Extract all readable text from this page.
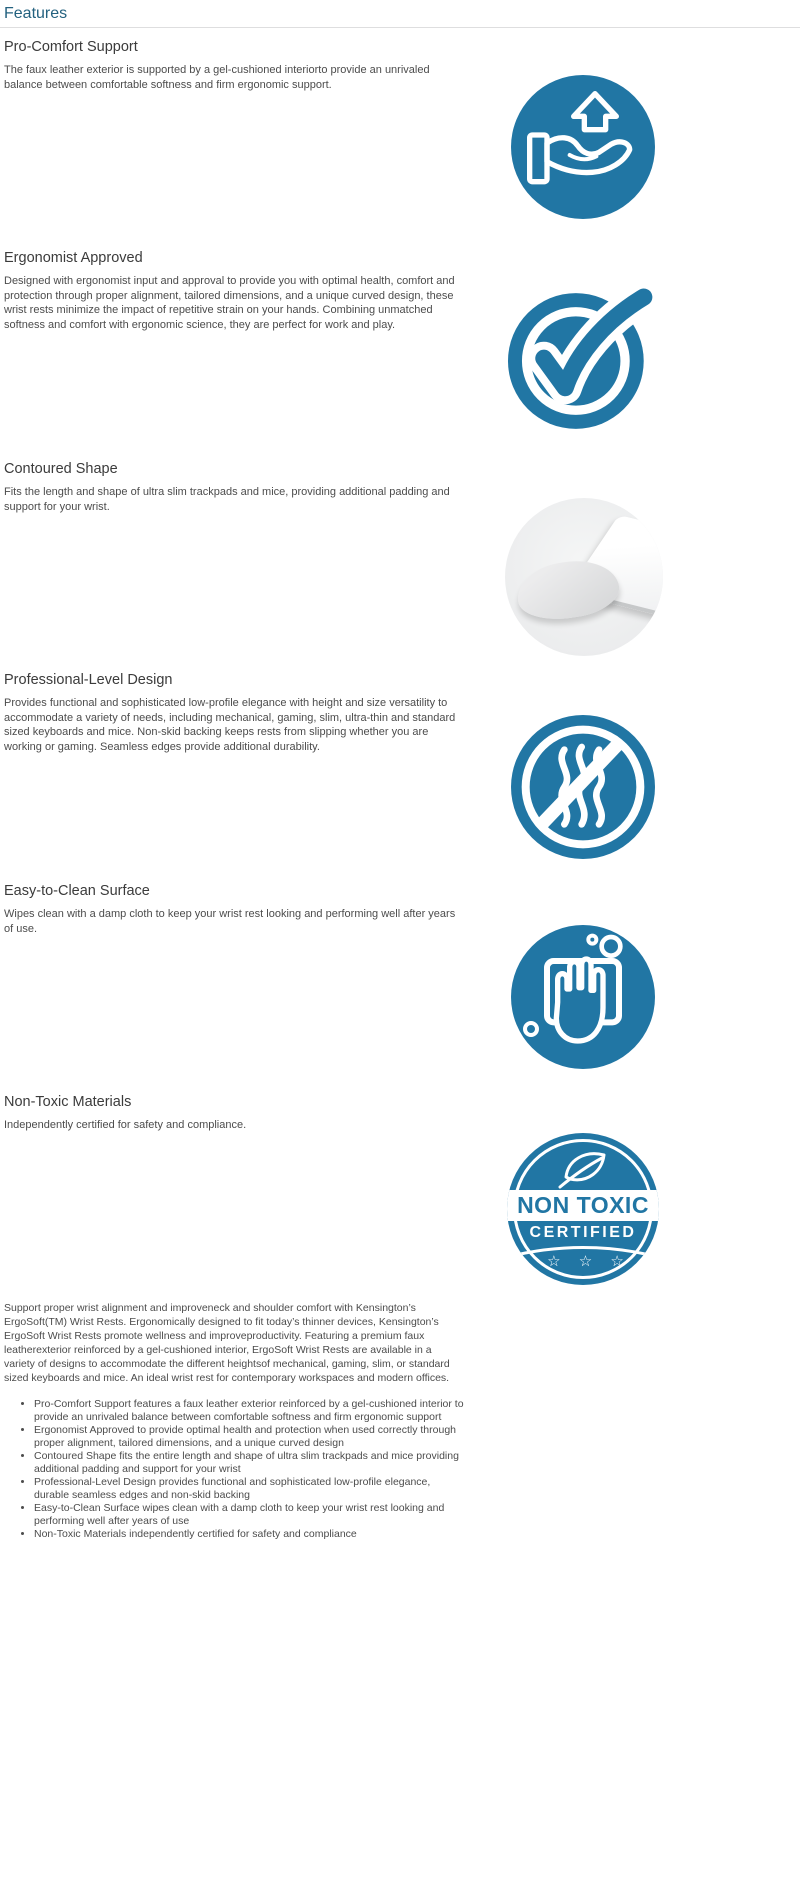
Features
Pro-Comfort Support

The faux leather exterior is supported by a gel-cushioned interiorto provide an unrivaled balance between comfortable softness and firm ergonomic support.

Ergonomist Approved

Designed with ergonomist input and approval to provide you with optimal health, comfort and protection through proper alignment, tailored dimensions, and a unique curved design, these wrist rests minimize the impact of repetitive strain on your hands. Combining unmatched softness and comfort with ergonomic science, they are perfect for work and play.

Contoured Shape

Fits the length and shape of ultra slim trackpads and mice, providing additional padding and support for your wrist.

Professional-Level Design

Provides functional and sophisticated low-profile elegance with height and size versatility to accommodate a variety of needs, including mechanical, gaming, slim, ultra-thin and standard sized keyboards and mice. Non-skid backing keeps rests from slipping whether you are working or gaming. Seamless edges provide additional durability.

Easy-to-Clean Surface

Wipes clean with a damp cloth to keep your wrist rest looking and performing well after years of use.

Non-Toxic Materials

Independently certified for safety and compliance.

NON TOXIC
CERTIFIED
☆ ☆ ☆

Support proper wrist alignment and improveneck and shoulder comfort with Kensington’s ErgoSoft(TM) Wrist Rests. Ergonomically designed to fit today’s thinner devices, Kensington’s ErgoSoft Wrist Rests promote wellness and improveproductivity. Featuring a premium faux leatherexterior reinforced by a gel-cushioned interior, ErgoSoft Wrist Rests are available in a variety of designs to accommodate the different heightsof mechanical, gaming, slim, or standard sized keyboards and mice. An ideal wrist rest for contemporary workspaces and modern offices.

• Pro-Comfort Support features a faux leather exterior reinforced by a gel-cushioned interior to provide an unrivaled balance between comfortable softness and firm ergonomic support
• Ergonomist Approved to provide optimal health and protection when used correctly through proper alignment, tailored dimensions, and a unique curved design
• Contoured Shape fits the entire length and shape of ultra slim trackpads and mice providing additional padding and support for your wrist
• Professional-Level Design provides functional and sophisticated low-profile elegance, durable seamless edges and non-skid backing
• Easy-to-Clean Surface wipes clean with a damp cloth to keep your wrist rest looking and performing well after years of use
• Non-Toxic Materials independently certified for safety and compliance
